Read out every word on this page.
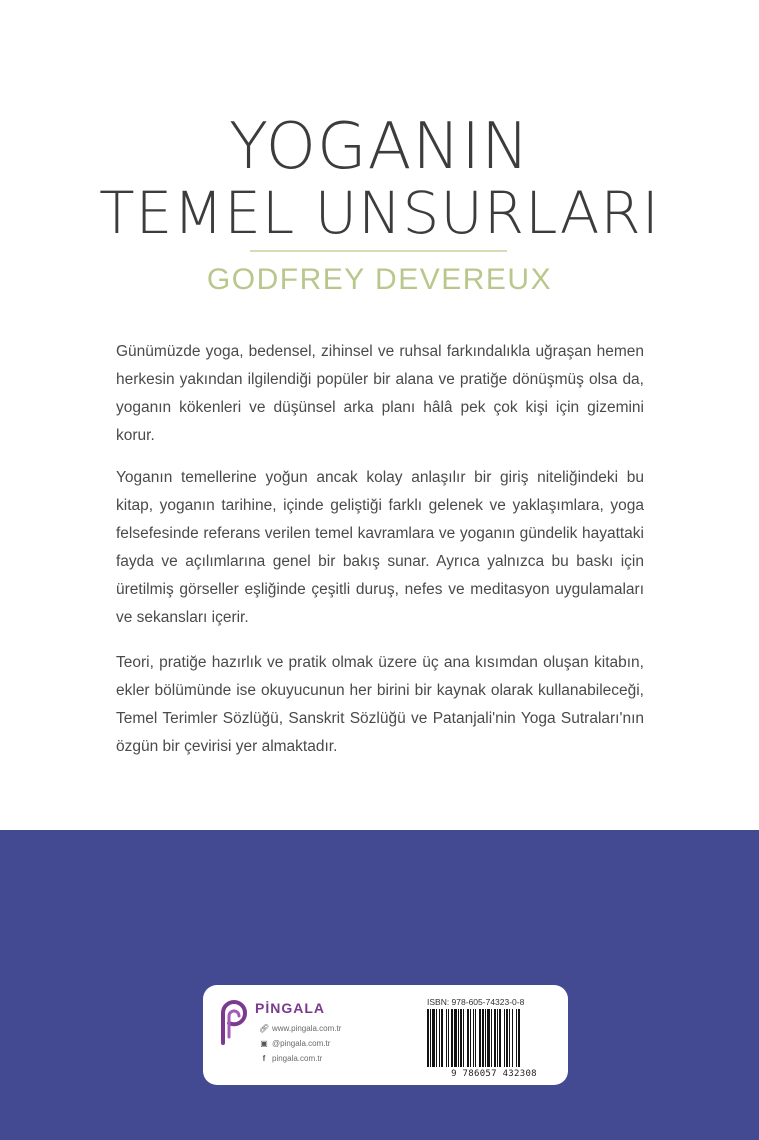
YOGANIN
TEMEL UNSURLARI
GODFREY DEVEREUX

Günümüzde yoga, bedensel, zihinsel ve ruhsal farkındalıkla uğraşan hemen herkesin yakından ilgilendiği popüler bir alana ve pratiğe dönüşmüş olsa da, yoganın kökenleri ve düşünsel arka planı hâlâ pek çok kişi için gizemini korur.

Yoganın temellerine yoğun ancak kolay anlaşılır bir giriş niteliğindeki bu kitap, yoganın tarihine, içinde geliştiği farklı gelenek ve yaklaşımlara, yoga felsefesinde referans verilen temel kavramlara ve yoganın gündelik hayattaki fayda ve açılımlarına genel bir bakış sunar. Ayrıca yalnızca bu baskı için üretilmiş görseller eşliğinde çeşitli duruş, nefes ve meditasyon uygulamaları ve sekansları içerir.

Teori, pratiğe hazırlık ve pratik olmak üzere üç ana kısımdan oluşan kitabın, ekler bölümünde ise okuyucunun her birini bir kaynak olarak kullanabileceği, Temel Terimler Sözlüğü, Sanskrit Sözlüğü ve Patanjali'nin Yoga Sutraları'nın özgün bir çevirisi yer almaktadır.

PİNGALA
🔗︎ www.pingala.com.tr
▣ @pingala.com.tr
f pingala.com.tr
ISBN: 978-605-74323-0-8
9 786057 432308
